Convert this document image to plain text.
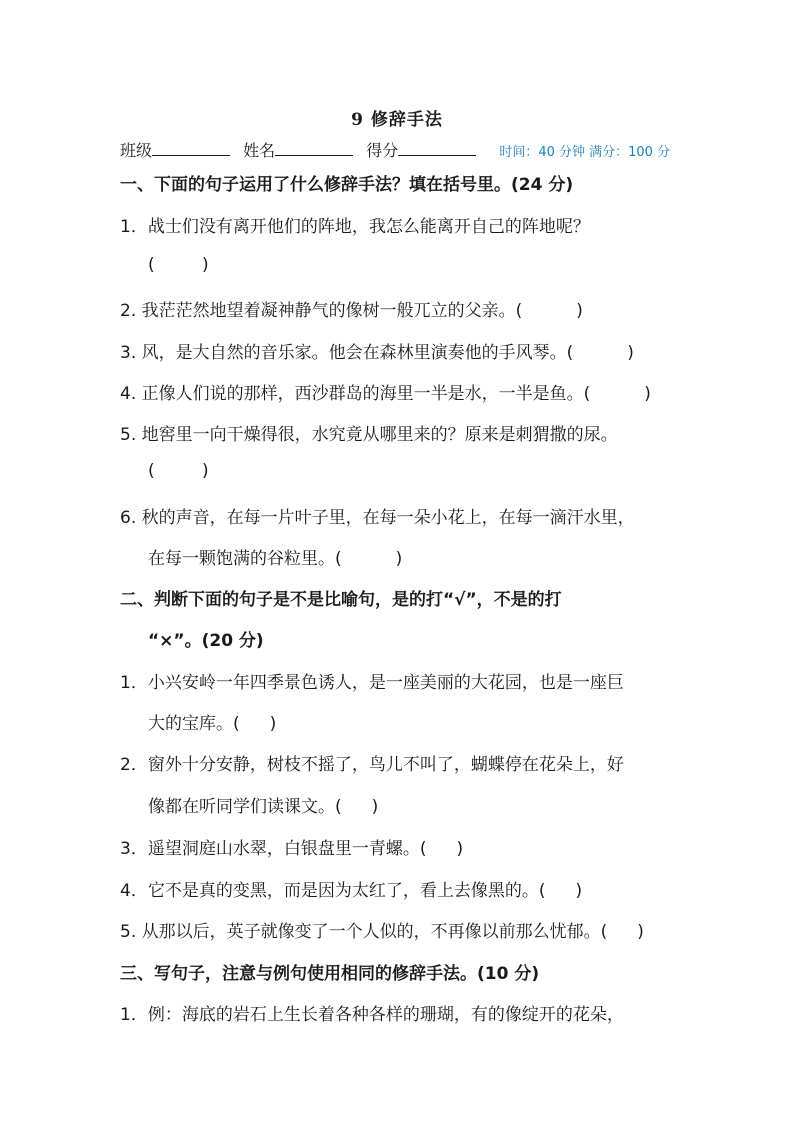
9 修辞手法
班级	姓名	得分	时间：40 分钟 满分：100 分
一、下面的句子运用了什么修辞手法？填在括号里。(24 分)
1．战士们没有离开他们的阵地，我怎么能离开自己的阵地呢？
(	)
2. 我茫茫然地望着凝神静气的像树一般兀立的父亲。(	)
3. 风，是大自然的音乐家。他会在森林里演奏他的手风琴。(	)
4. 正像人们说的那样，西沙群岛的海里一半是水，一半是鱼。(	)
5. 地窖里一向干燥得很，水究竟从哪里来的？原来是刺猬撒的尿。
(	)
6. 秋的声音，在每一片叶子里，在每一朵小花上，在每一滴汗水里，
在每一颗饱满的谷粒里。(	)
二、判断下面的句子是不是比喻句，是的打“√”，不是的打
“×”。(20 分)
1．小兴安岭一年四季景色诱人，是一座美丽的大花园，也是一座巨
大的宝库。( )
2．窗外十分安静，树枝不摇了，鸟儿不叫了，蝴蝶停在花朵上，好
像都在听同学们读课文。( )
3．遥望洞庭山水翠，白银盘里一青螺。( )
4．它不是真的变黑，而是因为太红了，看上去像黑的。( )
5. 从那以后，英子就像变了一个人似的，不再像以前那么忧郁。( )
三、写句子，注意与例句使用相同的修辞手法。(10 分)
1．例：海底的岩石上生长着各种各样的珊瑚，有的像绽开的花朵，
